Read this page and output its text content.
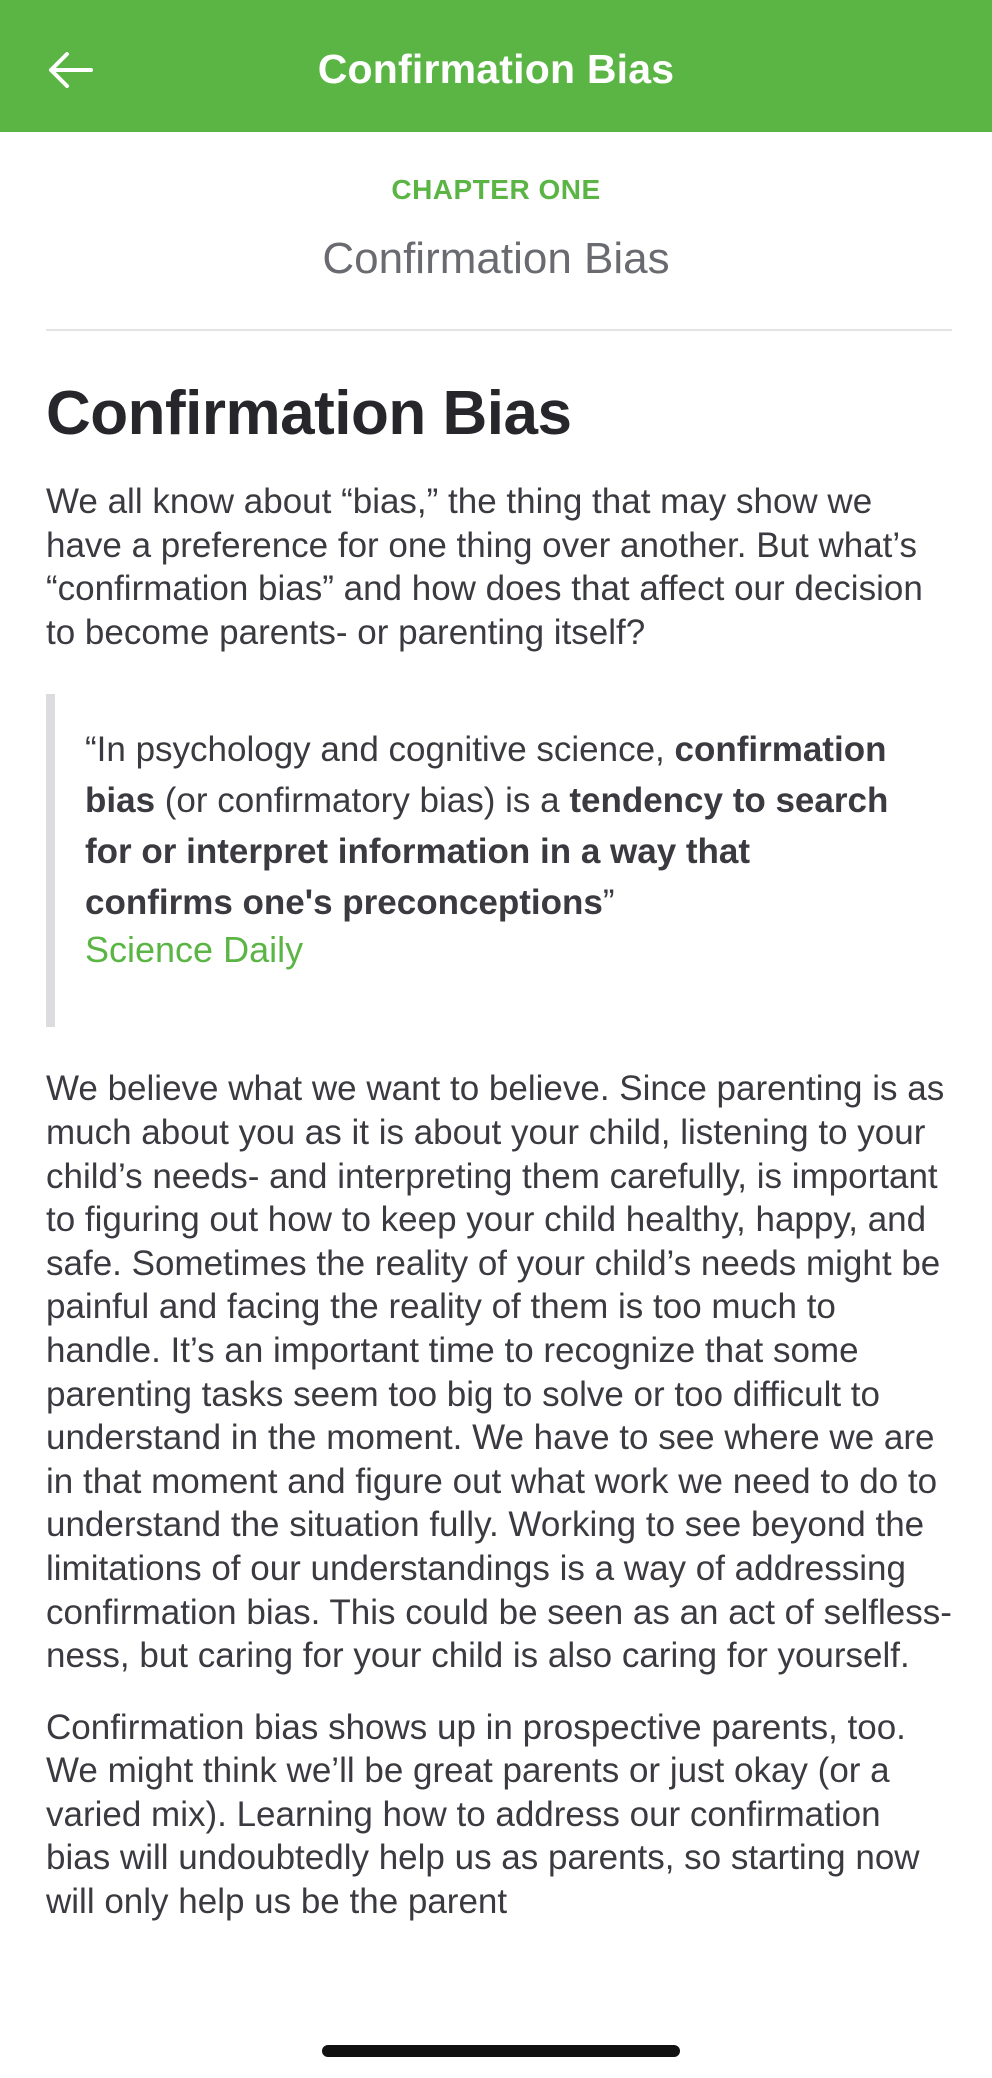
Confirmation Bias
CHAPTER ONE
Confirmation Bias
Confirmation Bias

We all know about “bias,” the thing that may show we have a preference for one thing over another. But what’s “confirmation bias” and how does that affect our decision to become parents- or parenting itself?

“In psychology and cognitive science, confirmation bias (or confirmatory bias) is a tendency to search for or interpret information in a way that confirms one's preconceptions”

Science Daily

We believe what we want to believe. Since parenting is as much about you as it is about your child, listening to your child’s needs- and interpreting them carefully, is important to figuring out how to keep your child healthy, happy, and safe. Sometimes the reality of your child’s needs might be painful and facing the reality of them is too much to handle. It’s an important time to recognize that some parenting tasks seem too big to solve or too difficult to understand in the moment. We have to see where we are in that moment and figure out what work we need to do to understand the situation fully. Working to see beyond the limitations of our understandings is a way of addressing confirmation bias. This could be seen as an act of selflessness, but caring for your child is also caring for yourself.

Confirmation bias shows up in prospective parents, too. We might think we’ll be great parents or just okay (or a varied mix). Learning how to address our confirmation bias will undoubtedly help us as parents, so starting now will only help us be the parent
